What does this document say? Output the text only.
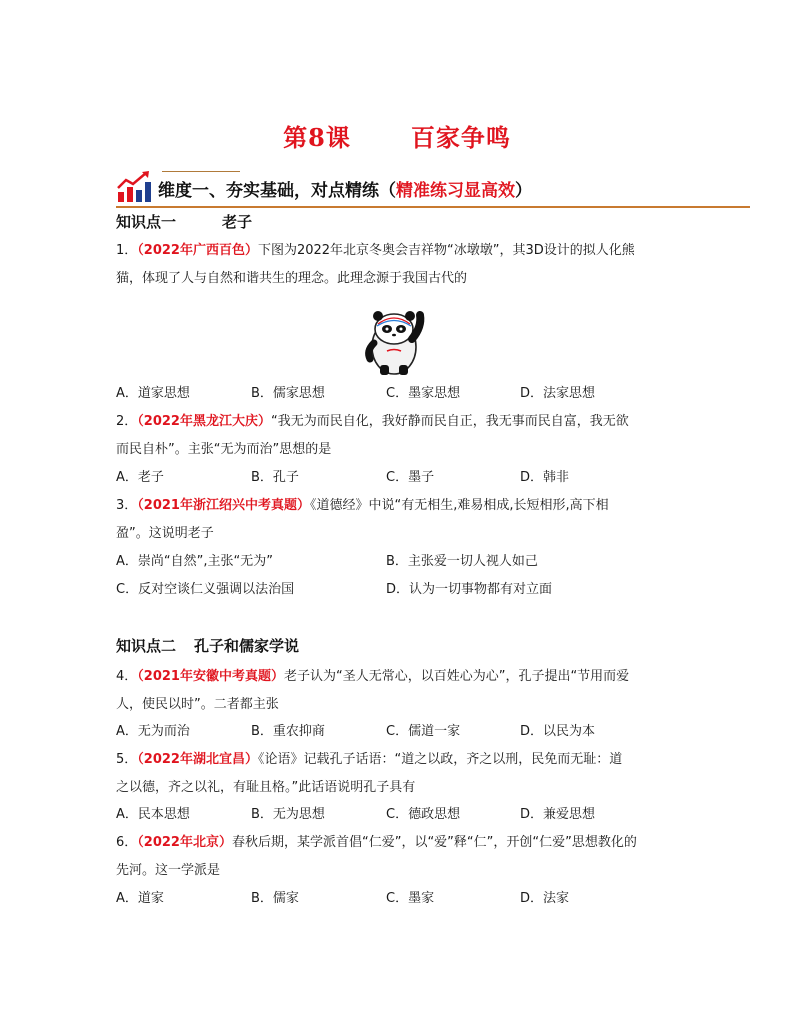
第8课	百家争鸣
维度一、夯实基础，对点精练（精准练习显高效）
知识点一	老子
1．（2022年广西百色）下图为2022年北京冬奥会吉祥物“冰墩墩”，其3D设计的拟人化熊
猫，体现了人与自然和谐共生的理念。此理念源于我国古代的
A．道家思想	B．儒家思想	C．墨家思想	D．法家思想
2．（2022年黑龙江大庆）“我无为而民自化，我好静而民自正，我无事而民自富，我无欲
而民自朴”。主张“无为而治”思想的是
A．老子	B．孔子	C．墨子	D．韩非
3．（2021年浙江绍兴中考真题）《道德经》中说“有无相生,难易相成,长短相形,高下相
盈”。这说明老子
A．崇尚“自然”,主张“无为”	B．主张爱一切人视人如己
C．反对空谈仁义强调以法治国	D．认为一切事物都有对立面
知识点二 孔子和儒家学说
4．（2021年安徽中考真题）老子认为“圣人无常心，以百姓心为心”，孔子提出“节用而爱
人，使民以时”。二者都主张
A．无为而治	B．重农抑商	C．儒道一家	D．以民为本
5．（2022年湖北宜昌）《论语》记载孔子话语：“道之以政，齐之以刑，民免而无耻：道
之以德，齐之以礼，有耻且格。”此话语说明孔子具有
A．民本思想	B．无为思想	C．德政思想	D．兼爱思想
6．（2022年北京）春秋后期，某学派首倡“仁爱”，以“爱”释“仁”，开创“仁爱”思想教化的
先河。这一学派是
A．道家	B．儒家	C．墨家	D．法家
